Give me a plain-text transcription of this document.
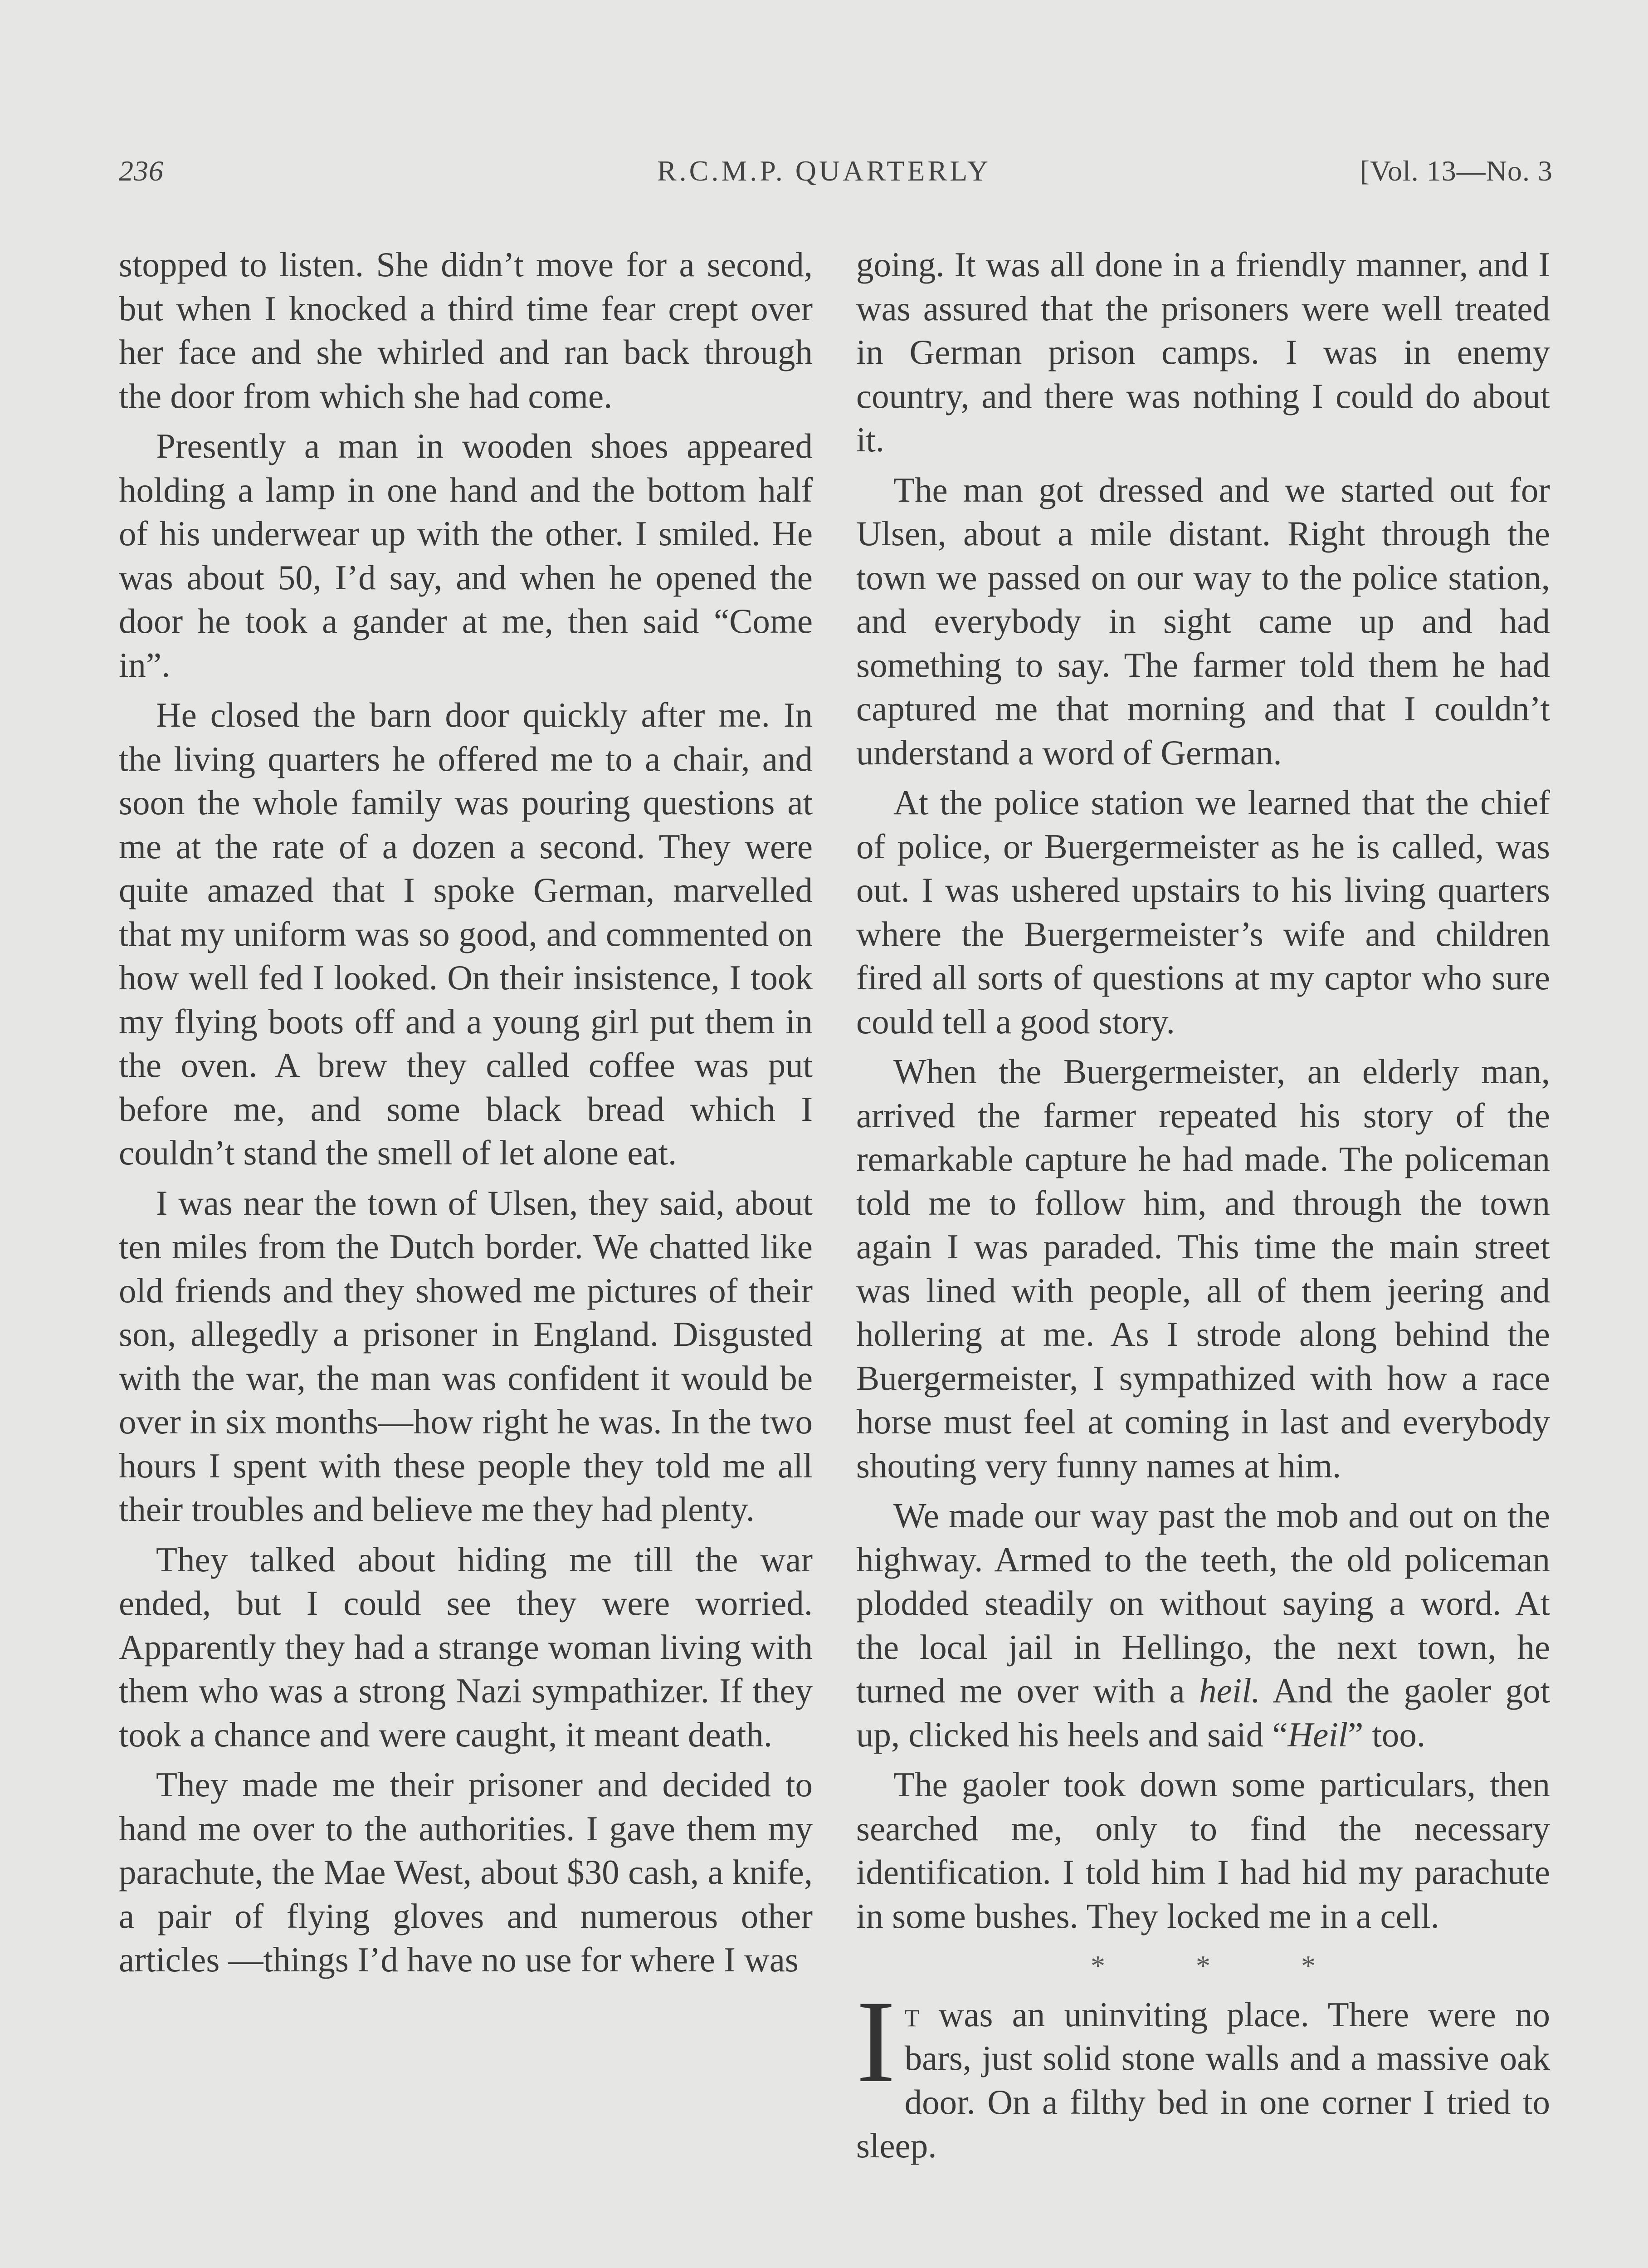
236	R.C.M.P. QUARTERLY	[Vol. 13—No. 3

stopped to listen. She didn’t move for a second, but when I knocked a third time fear crept over her face and she whirled and ran back through the door from which she had come.

Presently a man in wooden shoes appeared holding a lamp in one hand and the bottom half of his underwear up with the other. I smiled. He was about 50, I’d say, and when he opened the door he took a gander at me, then said “Come in”.

He closed the barn door quickly after me. In the living quarters he offered me to a chair, and soon the whole family was pouring questions at me at the rate of a dozen a second. They were quite amazed that I spoke German, marvelled that my uniform was so good, and commented on how well fed I looked. On their insistence, I took my flying boots off and a young girl put them in the oven. A brew they called coffee was put before me, and some black bread which I couldn’t stand the smell of let alone eat.

I was near the town of Ulsen, they said, about ten miles from the Dutch border. We chatted like old friends and they showed me pictures of their son, allegedly a prisoner in England. Disgusted with the war, the man was confident it would be over in six months—how right he was. In the two hours I spent with these people they told me all their troubles and believe me they had plenty.

They talked about hiding me till the war ended, but I could see they were worried. Apparently they had a strange woman living with them who was a strong Nazi sympathizer. If they took a chance and were caught, it meant death.

They made me their prisoner and decided to hand me over to the authorities. I gave them my parachute, the Mae West, about $30 cash, a knife, a pair of flying gloves and numerous other articles —things I’d have no use for where I was

going. It was all done in a friendly manner, and I was assured that the prisoners were well treated in German prison camps. I was in enemy country, and there was nothing I could do about it.

The man got dressed and we started out for Ulsen, about a mile distant. Right through the town we passed on our way to the police station, and everybody in sight came up and had something to say. The farmer told them he had captured me that morning and that I couldn’t understand a word of German.

At the police station we learned that the chief of police, or Buergermeister as he is called, was out. I was ushered upstairs to his living quarters where the Buergermeister’s wife and children fired all sorts of questions at my captor who sure could tell a good story.

When the Buergermeister, an elderly man, arrived the farmer repeated his story of the remarkable capture he had made. The policeman told me to follow him, and through the town again I was paraded. This time the main street was lined with people, all of them jeering and hollering at me. As I strode along behind the Buergermeister, I sympathized with how a race horse must feel at coming in last and everybody shouting very funny names at him.

We made our way past the mob and out on the highway. Armed to the teeth, the old policeman plodded steadily on without saying a word. At the local jail in Hellingo, the next town, he turned me over with a heil. And the gaoler got up, clicked his heels and said “Heil” too.

The gaoler took down some particulars, then searched me, only to find the necessary identification. I told him I had hid my parachute in some bushes. They locked me in a cell.

*	*	*

It was an uninviting place. There were no bars, just solid stone walls and a massive oak door. On a filthy bed in one corner I tried to sleep.
